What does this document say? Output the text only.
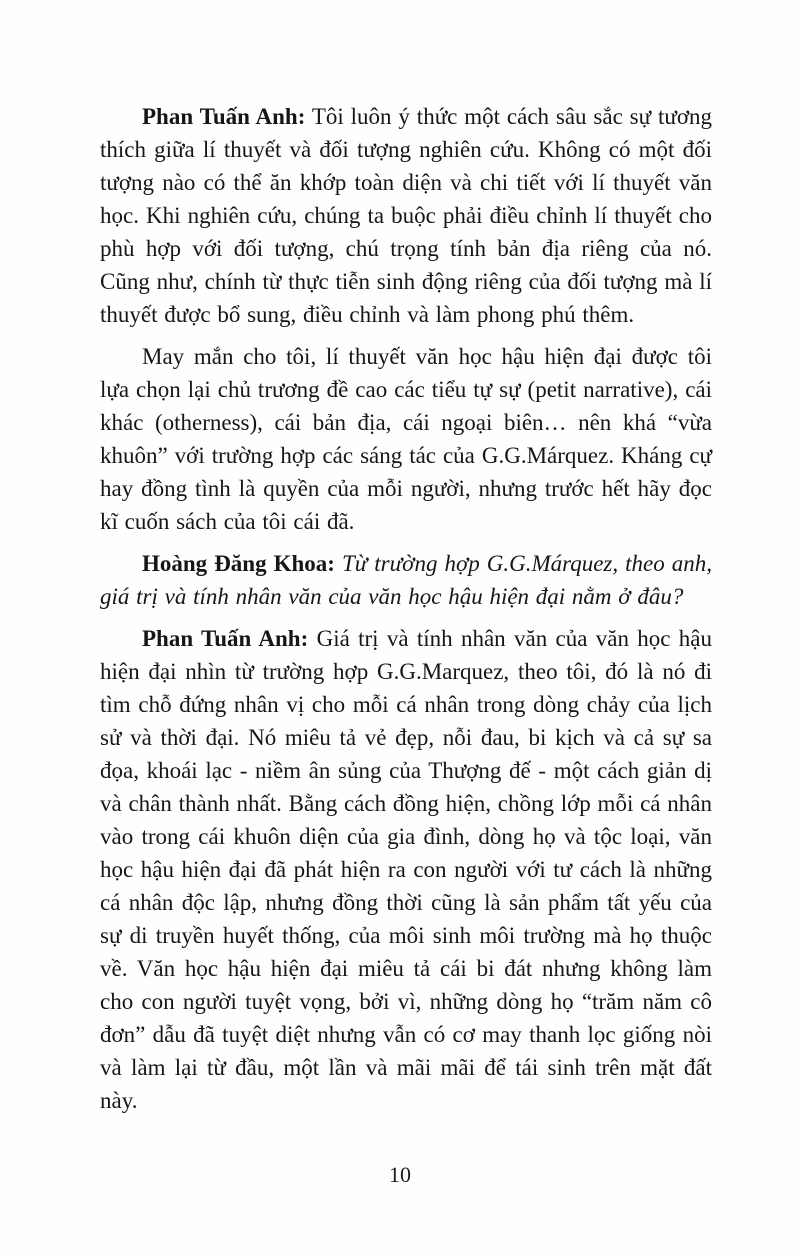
Phan Tuấn Anh: Tôi luôn ý thức một cách sâu sắc sự tương thích giữa lí thuyết và đối tượng nghiên cứu. Không có một đối tượng nào có thể ăn khớp toàn diện và chi tiết với lí thuyết văn học. Khi nghiên cứu, chúng ta buộc phải điều chỉnh lí thuyết cho phù hợp với đối tượng, chú trọng tính bản địa riêng của nó. Cũng như, chính từ thực tiễn sinh động riêng của đối tượng mà lí thuyết được bổ sung, điều chỉnh và làm phong phú thêm.

May mắn cho tôi, lí thuyết văn học hậu hiện đại được tôi lựa chọn lại chủ trương đề cao các tiểu tự sự (petit narrative), cái khác (otherness), cái bản địa, cái ngoại biên… nên khá “vừa khuôn” với trường hợp các sáng tác của G.G.Márquez. Kháng cự hay đồng tình là quyền của mỗi người, nhưng trước hết hãy đọc kĩ cuốn sách của tôi cái đã.

Hoàng Đăng Khoa: Từ trường hợp G.G.Márquez, theo anh, giá trị và tính nhân văn của văn học hậu hiện đại nằm ở đâu?

Phan Tuấn Anh: Giá trị và tính nhân văn của văn học hậu hiện đại nhìn từ trường hợp G.G.Marquez, theo tôi, đó là nó đi tìm chỗ đứng nhân vị cho mỗi cá nhân trong dòng chảy của lịch sử và thời đại. Nó miêu tả vẻ đẹp, nỗi đau, bi kịch và cả sự sa đọa, khoái lạc - niềm ân sủng của Thượng đế - một cách giản dị và chân thành nhất. Bằng cách đồng hiện, chồng lớp mỗi cá nhân vào trong cái khuôn diện của gia đình, dòng họ và tộc loại, văn học hậu hiện đại đã phát hiện ra con người với tư cách là những cá nhân độc lập, nhưng đồng thời cũng là sản phẩm tất yếu của sự di truyền huyết thống, của môi sinh môi trường mà họ thuộc về. Văn học hậu hiện đại miêu tả cái bi đát nhưng không làm cho con người tuyệt vọng, bởi vì, những dòng họ “trăm năm cô đơn” dẫu đã tuyệt diệt nhưng vẫn có cơ may thanh lọc giống nòi và làm lại từ đầu, một lần và mãi mãi để tái sinh trên mặt đất này.

10
